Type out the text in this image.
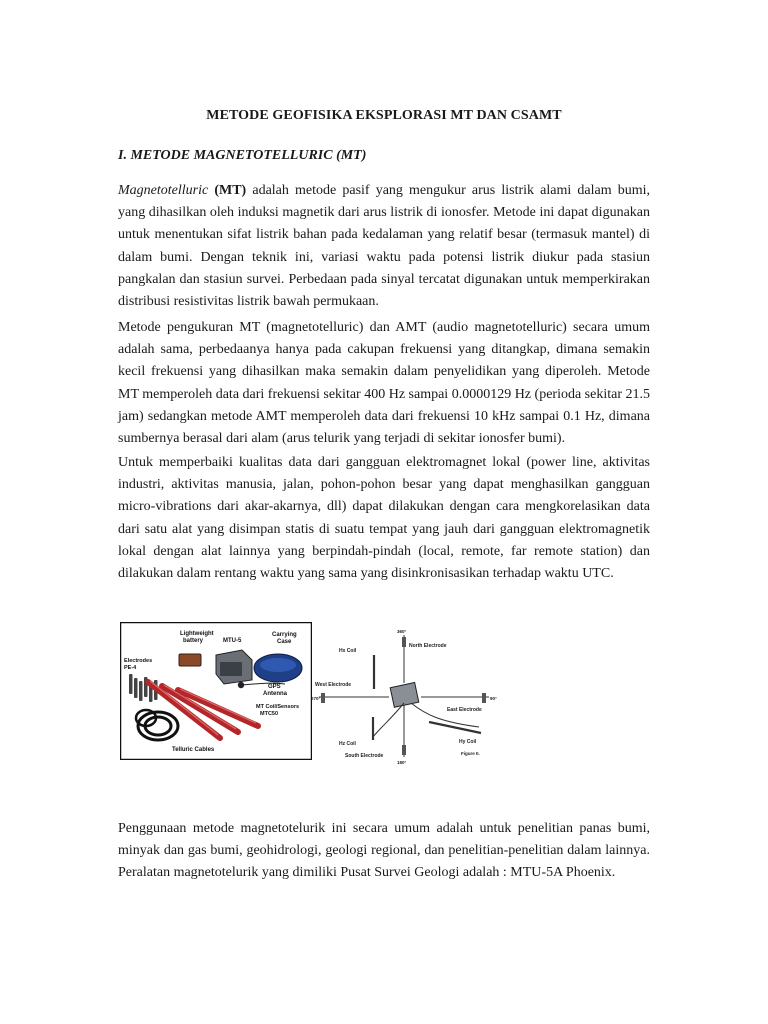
METODE GEOFISIKA EKSPLORASI MT DAN CSAMT
I. METODE MAGNETOTELLURIC (MT)

Magnetotelluric (MT) adalah metode pasif yang mengukur arus listrik alami dalam bumi, yang dihasilkan oleh induksi magnetik dari arus listrik di ionosfer. Metode ini dapat digunakan untuk menentukan sifat listrik bahan pada kedalaman yang relatif besar (termasuk mantel) di dalam bumi. Dengan teknik ini, variasi waktu pada potensi listrik diukur pada stasiun pangkalan dan stasiun survei. Perbedaan pada sinyal tercatat digunakan untuk memperkirakan distribusi resistivitas listrik bawah permukaan.

Metode pengukuran MT (magnetotelluric) dan AMT (audio magnetotelluric) secara umum adalah sama, perbedaanya hanya pada cakupan frekuensi yang ditangkap, dimana semakin kecil frekuensi yang dihasilkan maka semakin dalam penyelidikan yang diperoleh. Metode MT memperoleh data dari frekuensi sekitar 400 Hz sampai 0.0000129 Hz (perioda sekitar 21.5 jam) sedangkan metode AMT memperoleh data dari frekuensi 10 kHz sampai 0.1 Hz, dimana sumbernya berasal dari alam (arus telurik yang terjadi di sekitar ionosfer bumi).

Untuk memperbaiki kualitas data dari gangguan elektromagnet lokal (power line, aktivitas industri, aktivitas manusia, jalan, pohon-pohon besar yang dapat menghasilkan gangguan micro-vibrations dari akar-akarnya, dll) dapat dilakukan dengan cara mengkorelasikan data dari satu alat yang disimpan statis di suatu tempat yang jauh dari gangguan elektromagnetik lokal dengan alat lainnya yang berpindah-pindah (local, remote, far remote station) dan dilakukan dalam rentang waktu yang sama yang disinkronisasikan terhadap waktu UTC.

Lightweight
battery	MTU-5
Carrying
Case
Electrodes
PE-4
GPS
Antenna
MT Coil/Sensors
MTC50
Telluric Cables
360°
Hx Coil
North Electrode
West Electrode
270°	90°
East Electrode
Hz Coil	Hy Coil
South Electrode
180°
Figure II.

Penggunaan metode magnetotelurik ini secara umum adalah untuk penelitian panas bumi, minyak dan gas bumi, geohidrologi, geologi regional, dan penelitian-penelitian dalam lainnya. Peralatan magnetotelurik yang dimiliki Pusat Survei Geologi adalah : MTU-5A Phoenix.
